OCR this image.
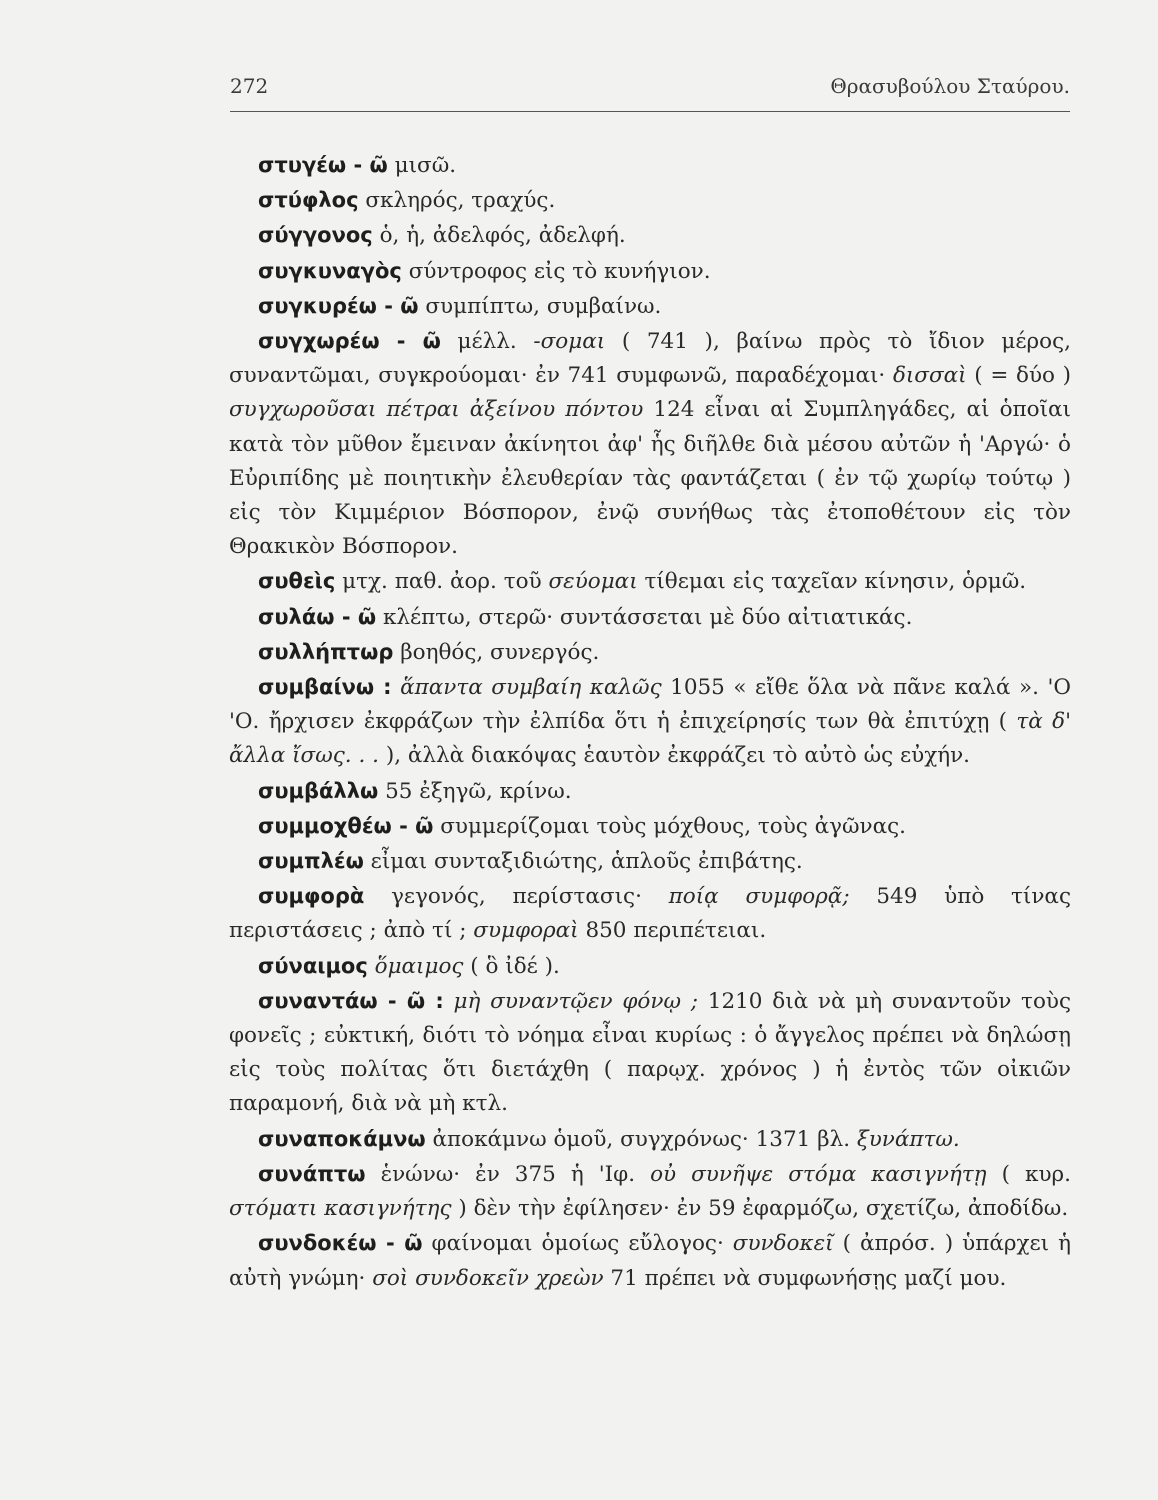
272	Θρασυβούλου Σταύρου.

στυγέω - ῶ μισῶ.

στύφλος σκληρός, τραχύς.

σύγγονος ὁ, ἡ, ἀδελφός, ἀδελφή.

συγκυναγὸς σύντροφος εἰς τὸ κυνήγιον.

συγκυρέω - ῶ συμπίπτω, συμβαίνω.

συγχωρέω - ῶ μέλλ. -σομαι ( 741 ), βαίνω πρὸς τὸ ἴδιον μέρος, συναντῶμαι, συγκρούομαι· ἐν 741 συμφωνῶ, παραδέχομαι· δισσαὶ ( = δύο ) συγχωροῦσαι πέτραι ἀξείνου πόντου 124 εἶναι αἱ Συμπληγάδες, αἱ ὁποῖαι κατὰ τὸν μῦθον ἔμειναν ἀκίνητοι ἀφ' ἧς διῆλθε διὰ μέσου αὐτῶν ἡ 'Αργώ· ὁ Εὐριπίδης μὲ ποιητικὴν ἐλευθερίαν τὰς φαντάζεται ( ἐν τῷ χωρίῳ τούτῳ ) εἰς τὸν Κιμμέριον Βόσπορον, ἐνῷ συνήθως τὰς ἐτοποθέτουν εἰς τὸν Θρακικὸν Βόσπορον.

συθεὶς μτχ. παθ. ἀορ. τοῦ σεύομαι τίθεμαι εἰς ταχεῖαν κίνησιν, ὁρμῶ.

συλάω - ῶ κλέπτω, στερῶ· συντάσσεται μὲ δύο αἰτιατικάς.

συλλήπτωρ βοηθός, συνεργός.

συμβαίνω : ἅπαντα συμβαίη καλῶς 1055 « εἴθε ὅλα νὰ πᾶνε καλά ». 'Ο 'Ο. ἤρχισεν ἐκφράζων τὴν ἐλπίδα ὅτι ἡ ἐπιχείρησίς των θὰ ἐπιτύχῃ ( τὰ δ' ἄλλα ἴσως. . . ), ἀλλὰ διακόψας ἑαυτὸν ἐκφράζει τὸ αὐτὸ ὡς εὐχήν.

συμβάλλω 55 ἐξηγῶ, κρίνω.

συμμοχθέω - ῶ συμμερίζομαι τοὺς μόχθους, τοὺς ἀγῶνας.

συμπλέω εἶμαι συνταξιδιώτης, ἁπλοῦς ἐπιβάτης.

συμφορὰ γεγονός, περίστασις· ποίᾳ συμφορᾷ; 549 ὑπὸ τίνας περιστάσεις ; ἀπὸ τί ; συμφοραὶ 850 περιπέτειαι.

σύναιμος ὅμαιμος ( ὃ ἰδέ ).

συναντάω - ῶ : μὴ συναντῷεν φόνῳ ; 1210 διὰ νὰ μὴ συναντοῦν τοὺς φονεῖς ; εὐκτική, διότι τὸ νόημα εἶναι κυρίως : ὁ ἄγγελος πρέπει νὰ δηλώσῃ εἰς τοὺς πολίτας ὅτι διετάχθη ( παρῳχ. χρόνος ) ἡ ἐντὸς τῶν οἰκιῶν παραμονή, διὰ νὰ μὴ κτλ.

συναποκάμνω ἀποκάμνω ὁμοῦ, συγχρόνως· 1371 βλ. ξυνάπτω.

συνάπτω ἑνώνω· ἐν 375 ἡ 'Ιφ. οὐ συνῆψε στόμα κασιγνήτῃ ( κυρ. στόματι κασιγνήτης ) δὲν τὴν ἐφίλησεν· ἐν 59 ἐφαρμόζω, σχετίζω, ἀποδίδω.

συνδοκέω - ῶ φαίνομαι ὁμοίως εὔλογος· συνδοκεῖ ( ἀπρόσ. ) ὑπάρχει ἡ αὐτὴ γνώμη· σοὶ συνδοκεῖν χρεὼν 71 πρέπει νὰ συμφωνήσῃς μαζί μου.
